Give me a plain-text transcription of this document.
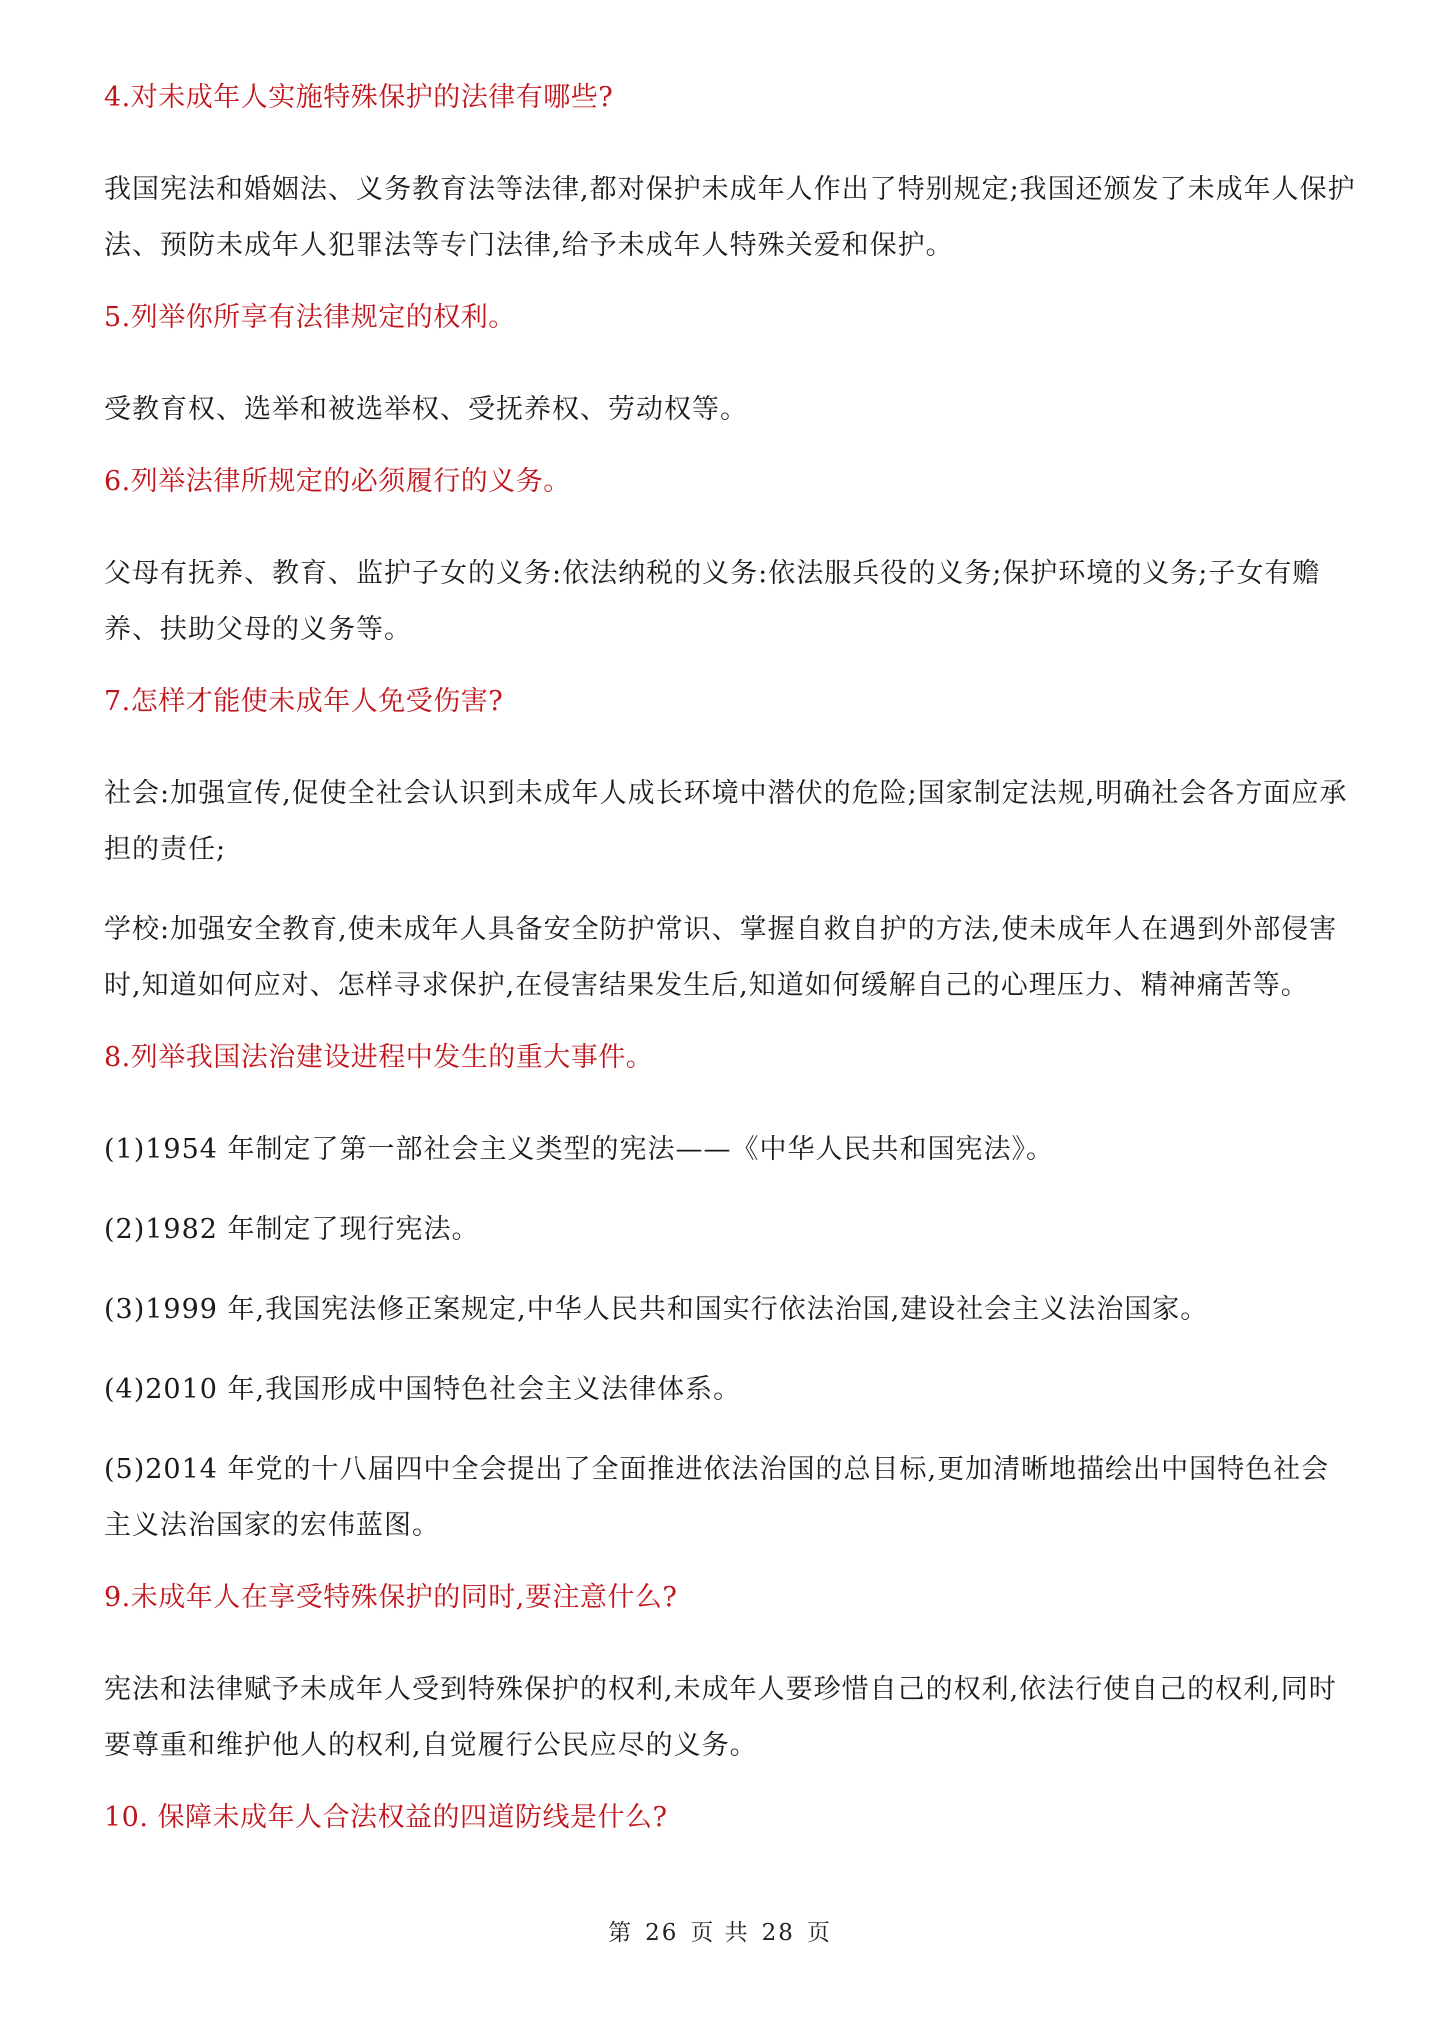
4.对未成年人实施特殊保护的法律有哪些?

我国宪法和婚姻法、义务教育法等法律,都对保护未成年人作出了特别规定;我国还颁发了未成年人保护法、预防未成年人犯罪法等专门法律,给予未成年人特殊关爱和保护。

5.列举你所享有法律规定的权利。

受教育权、选举和被选举权、受抚养权、劳动权等。

6.列举法律所规定的必须履行的义务。

父母有抚养、教育、监护子女的义务:依法纳税的义务:依法服兵役的义务;保护环境的义务;子女有赡养、扶助父母的义务等。

7.怎样才能使未成年人免受伤害?

社会:加强宣传,促使全社会认识到未成年人成长环境中潜伏的危险;国家制定法规,明确社会各方面应承担的责任;

学校:加强安全教育,使未成年人具备安全防护常识、掌握自救自护的方法,使未成年人在遇到外部侵害时,知道如何应对、怎样寻求保护,在侵害结果发生后,知道如何缓解自己的心理压力、精神痛苦等。

8.列举我国法治建设进程中发生的重大事件。

(1)1954 年制定了第一部社会主义类型的宪法——《中华人民共和国宪法》。

(2)1982 年制定了现行宪法。

(3)1999 年,我国宪法修正案规定,中华人民共和国实行依法治国,建设社会主义法治国家。

(4)2010 年,我国形成中国特色社会主义法律体系。

(5)2014 年党的十八届四中全会提出了全面推进依法治国的总目标,更加清晰地描绘出中国特色社会主义法治国家的宏伟蓝图。

9.未成年人在享受特殊保护的同时,要注意什么?

宪法和法律赋予未成年人受到特殊保护的权利,未成年人要珍惜自己的权利,依法行使自己的权利,同时要尊重和维护他人的权利,自觉履行公民应尽的义务。

10. 保障未成年人合法权益的四道防线是什么?

第 26 页 共 28 页
